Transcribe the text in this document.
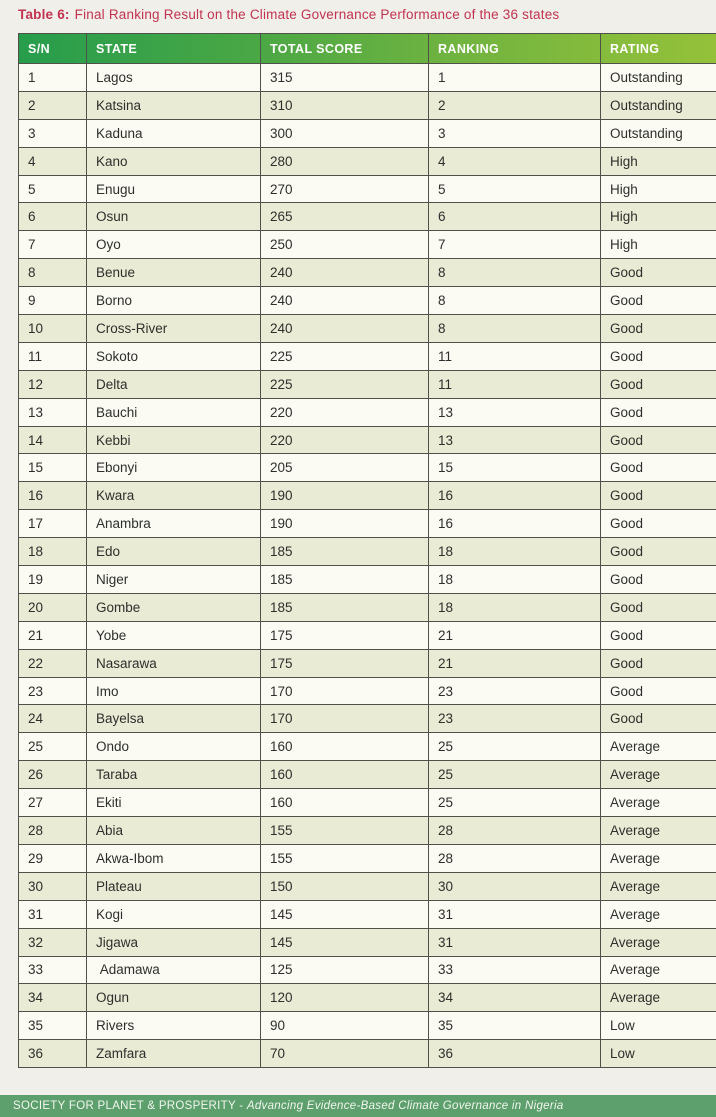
Table 6: Final Ranking Result on the Climate Governance Performance of the 36 states
S/N	STATE	TOTAL SCORE	RANKING	RATING
1	Lagos	315	1	Outstanding
2	Katsina	310	2	Outstanding
3	Kaduna	300	3	Outstanding
4	Kano	280	4	High
5	Enugu	270	5	High
6	Osun	265	6	High
7	Oyo	250	7	High
8	Benue	240	8	Good
9	Borno	240	8	Good
10	Cross-River	240	8	Good
11	Sokoto	225	11	Good
12	Delta	225	11	Good
13	Bauchi	220	13	Good
14	Kebbi	220	13	Good
15	Ebonyi	205	15	Good
16	Kwara	190	16	Good
17	Anambra	190	16	Good
18	Edo	185	18	Good
19	Niger	185	18	Good
20	Gombe	185	18	Good
21	Yobe	175	21	Good
22	Nasarawa	175	21	Good
23	Imo	170	23	Good
24	Bayelsa	170	23	Good
25	Ondo	160	25	Average
26	Taraba	160	25	Average
27	Ekiti	160	25	Average
28	Abia	155	28	Average
29	Akwa-Ibom	155	28	Average
30	Plateau	150	30	Average
31	Kogi	145	31	Average
32	Jigawa	145	31	Average
33	Adamawa	125	33	Average
34	Ogun	120	34	Average
35	Rivers	90	35	Low
36	Zamfara	70	36	Low
SOCIETY FOR PLANET & PROSPERITY - Advancing Evidence-Based Climate Governance in Nigeria
